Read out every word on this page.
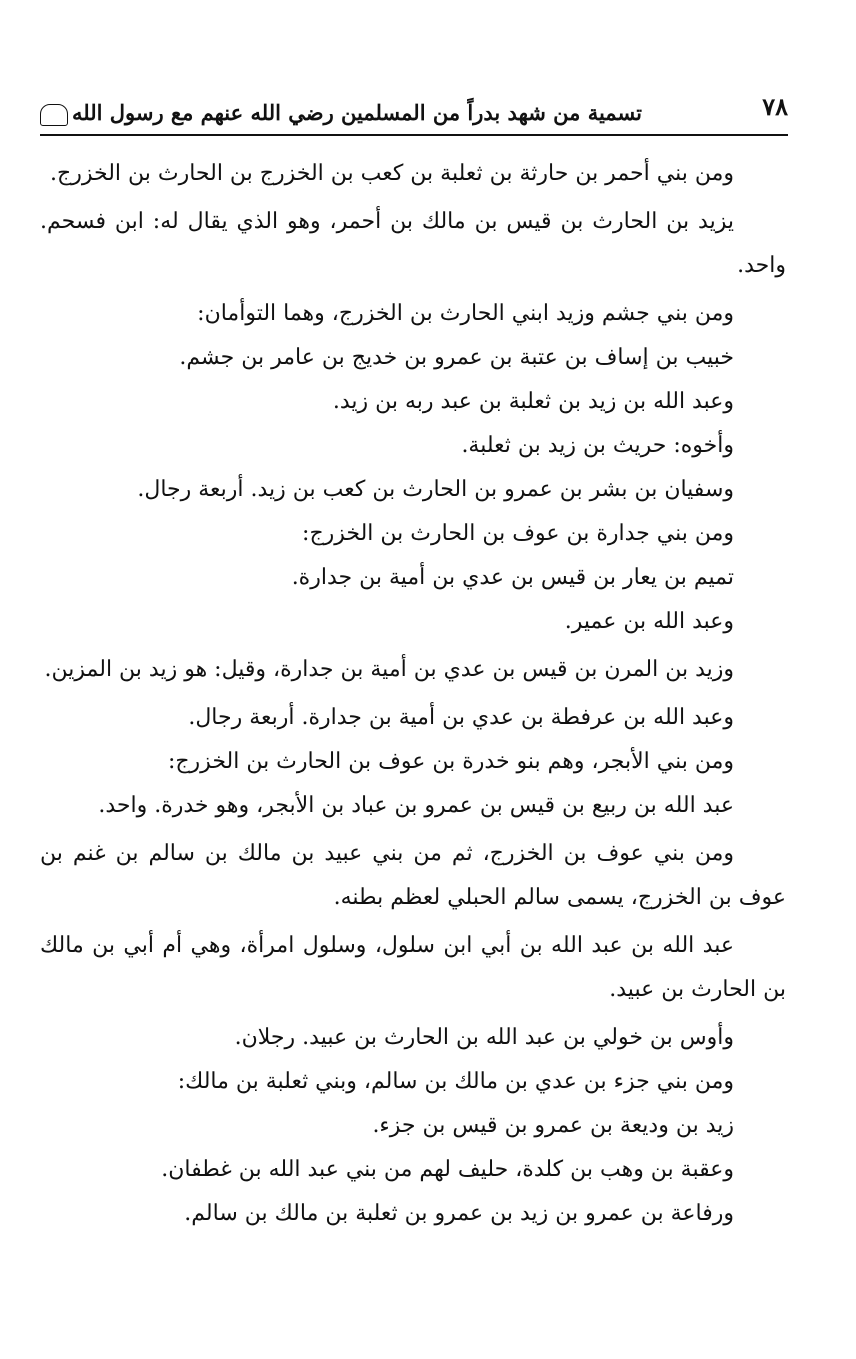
٧٨
تسمية من شهد بدراً من المسلمين رضي الله عنهم مع رسول الله

ومن بني أحمر بن حارثة بن ثعلبة بن كعب بن الخزرج بن الحارث بن الخزرج.

يزيد بن الحارث بن قيس بن مالك بن أحمر، وهو الذي يقال له: ابن فسحم. واحد.

ومن بني جشم وزيد ابني الحارث بن الخزرج، وهما التوأمان:

خبيب بن إساف بن عتبة بن عمرو بن خديج بن عامر بن جشم.

وعبد الله بن زيد بن ثعلبة بن عبد ربه بن زيد.

وأخوه: حريث بن زيد بن ثعلبة.

وسفيان بن بشر بن عمرو بن الحارث بن كعب بن زيد. أربعة رجال.

ومن بني جدارة بن عوف بن الحارث بن الخزرج:

تميم بن يعار بن قيس بن عدي بن أمية بن جدارة.

وعبد الله بن عمير.

وزيد بن المرن بن قيس بن عدي بن أمية بن جدارة، وقيل: هو زيد بن المزين.

وعبد الله بن عرفطة بن عدي بن أمية بن جدارة. أربعة رجال.

ومن بني الأبجر، وهم بنو خدرة بن عوف بن الحارث بن الخزرج:

عبد الله بن ربيع بن قيس بن عمرو بن عباد بن الأبجر، وهو خدرة. واحد.

ومن بني عوف بن الخزرج، ثم من بني عبيد بن مالك بن سالم بن غنم بن عوف بن الخزرج، يسمى سالم الحبلي لعظم بطنه.

عبد الله بن عبد الله بن أبي ابن سلول، وسلول امرأة، وهي أم أبي بن مالك بن الحارث بن عبيد.

وأوس بن خولي بن عبد الله بن الحارث بن عبيد. رجلان.

ومن بني جزء بن عدي بن مالك بن سالم، وبني ثعلبة بن مالك:

زيد بن وديعة بن عمرو بن قيس بن جزء.

وعقبة بن وهب بن كلدة، حليف لهم من بني عبد الله بن غطفان.

ورفاعة بن عمرو بن زيد بن عمرو بن ثعلبة بن مالك بن سالم.
